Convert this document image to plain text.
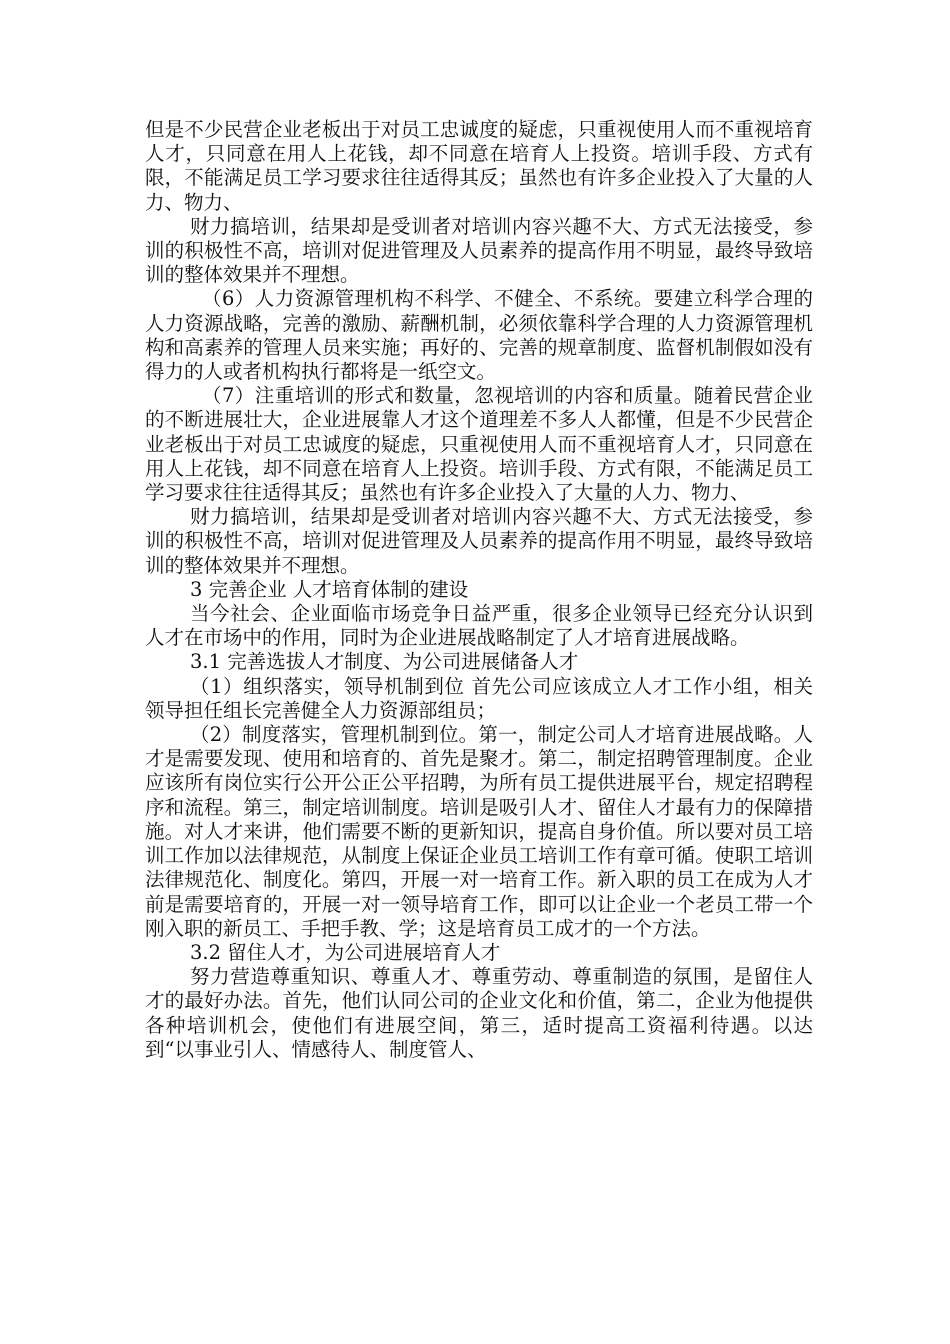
但是不少民营企业老板出于对员工忠诚度的疑虑，只重视使用人而不重视培育人才，只同意在用人上花钱，却不同意在培育人上投资。培训手段、方式有限，不能满足员工学习要求往往适得其反；虽然也有许多企业投入了大量的人力、物力、

财力搞培训，结果却是受训者对培训内容兴趣不大、方式无法接受，参训的积极性不高，培训对促进管理及人员素养的提高作用不明显，最终导致培训的整体效果并不理想。

（6）人力资源管理机构不科学、不健全、不系统。要建立科学合理的人力资源战略，完善的激励、薪酬机制，必须依靠科学合理的人力资源管理机构和高素养的管理人员来实施；再好的、完善的规章制度、监督机制假如没有得力的人或者机构执行都将是一纸空文。

（7）注重培训的形式和数量，忽视培训的内容和质量。随着民营企业的不断进展壮大，企业进展靠人才这个道理差不多人人都懂，但是不少民营企业老板出于对员工忠诚度的疑虑，只重视使用人而不重视培育人才，只同意在用人上花钱，却不同意在培育人上投资。培训手段、方式有限，不能满足员工学习要求往往适得其反；虽然也有许多企业投入了大量的人力、物力、

财力搞培训，结果却是受训者对培训内容兴趣不大、方式无法接受，参训的积极性不高，培训对促进管理及人员素养的提高作用不明显，最终导致培训的整体效果并不理想。

3 完善企业 人才培育体制的建设

当今社会、企业面临市场竞争日益严重，很多企业领导已经充分认识到人才在市场中的作用，同时为企业进展战略制定了人才培育进展战略。

3.1 完善选拔人才制度、为公司进展储备人才

（1）组织落实，领导机制到位 首先公司应该成立人才工作小组，相关领导担任组长完善健全人力资源部组员；

（2）制度落实，管理机制到位。第一，制定公司人才培育进展战略。人才是需要发现、使用和培育的、首先是聚才。第二，制定招聘管理制度。企业应该所有岗位实行公开公正公平招聘，为所有员工提供进展平台，规定招聘程序和流程。第三，制定培训制度。培训是吸引人才、留住人才最有力的保障措施。对人才来讲，他们需要不断的更新知识，提高自身价值。所以要对员工培训工作加以法律规范，从制度上保证企业员工培训工作有章可循。使职工培训法律规范化、制度化。第四，开展一对一培育工作。新入职的员工在成为人才前是需要培育的，开展一对一领导培育工作，即可以让企业一个老员工带一个刚入职的新员工、手把手教、学；这是培育员工成才的一个方法。

3.2 留住人才，为公司进展培育人才

努力营造尊重知识、尊重人才、尊重劳动、尊重制造的氛围，是留住人才的最好办法。首先，他们认同公司的企业文化和价值，第二，企业为他提供各种培训机会，使他们有进展空间，第三，适时提高工资福利待遇。以达到“以事业引人、情感待人、制度管人、
